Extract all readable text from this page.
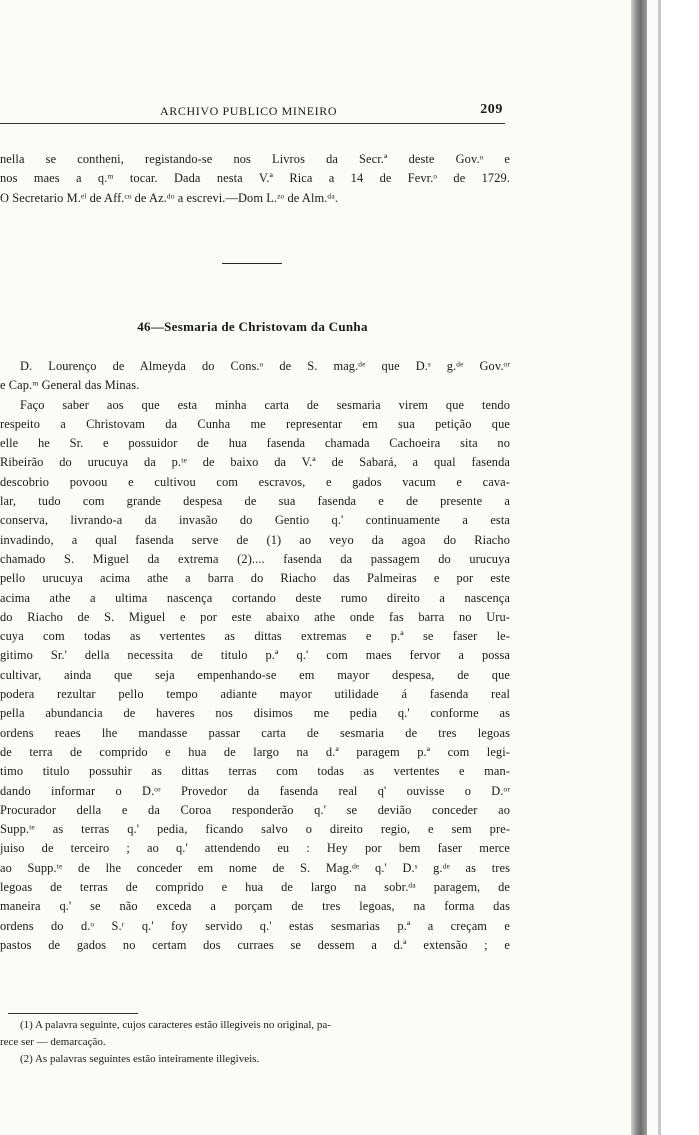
ARCHIVO PUBLICO MINEIRO	209

nella se contheni, registando-se nos Livros da Secr.ª deste Gov.ᵒ e

nos maes a q.ᵐ tocar. Dada nesta V.ª Rica a 14 de Fevr.ᵒ de 1729.

O Secretario M.ᵉˡ de Aff.ᶜᵒ de Az.ᵈᵒ a escrevi.—Dom L.ᶻᵒ de Alm.ᵈᵃ.

46—Sesmaria de Christovam da Cunha

D. Lourenço de Almeyda do Cons.ᵒ de S. mag.ᵈᵉ que D.ˢ g.ᵈᵉ Gov.ᵒʳ

e Cap.ᵐ General das Minas.

Faço saber aos que esta minha carta de sesmaria virem que tendo

respeito a Christovam da Cunha me representar em sua petição que

elle he Sr. e possuidor de hua fasenda chamada Cachoeira sita no

Ribeirão do urucuya da p.ᵗᵉ de baixo da V.ª de Sabará, a qual fasenda

descobrio povoou e cultivou com escravos, e gados vacum e cava-

lar, tudo com grande despesa de sua fasenda e de presente a

conserva, livrando-a da invasão do Gentio q.' continuamente a esta

invadindo, a qual fasenda serve de (1) ao veyo da agoa do Riacho

chamado S. Miguel da extrema (2).... fasenda da passagem do urucuya

pello urucuya acima athe a barra do Riacho das Palmeiras e por este

acima athe a ultima nascença cortando deste rumo direito a nascença

do Riacho de S. Miguel e por este abaixo athe onde fas barra no Uru-

cuya com todas as vertentes as dittas extremas e p.ª se faser le-

gitimo Sr.' della necessita de titulo p.ª q.' com maes fervor a possa

cultivar, ainda que seja empenhando-se em mayor despesa, de que

podera rezultar pello tempo adiante mayor utilidade á fasenda real

pella abundancia de haveres nos disimos me pedia q.' conforme as

ordens reaes lhe mandasse passar carta de sesmaria de tres legoas

de terra de comprido e hua de largo na d.ª paragem p.ª com legi-

timo titulo possuhir as dittas terras com todas as vertentes e man-

dando informar o D.ᵒʳ Provedor da fasenda real q' ouvisse o D.ᵒʳ

Procurador della e da Coroa responderão q.' se devião conceder ao

Supp.ᵗᵉ as terras q.' pedia, ficando salvo o direito regio, e sem pre-

juiso de terceiro ; ao q.' attendendo eu : Hey por bem faser merce

ao Supp.ᵗᵉ de lhe conceder em nome de S. Mag.ᵈᵉ q.' D.ˢ g.ᵈᵉ as tres

legoas de terras de comprido e hua de largo na sobr.ᵈᵃ paragem, de

maneira q.' se não exceda a porçam de tres legoas, na forma das

ordens do d.ᵒ S.ʳ q.' foy servido q.' estas sesmarias p.ª a creçam e

pastos de gados no certam dos curraes se dessem a d.ª extensão ; e

(1) A palavra seguinte, cujos caracteres estão illegiveis no original, pa-

rece ser — demarcação.

(2) As palavras seguintes estão inteiramente illegiveis.
